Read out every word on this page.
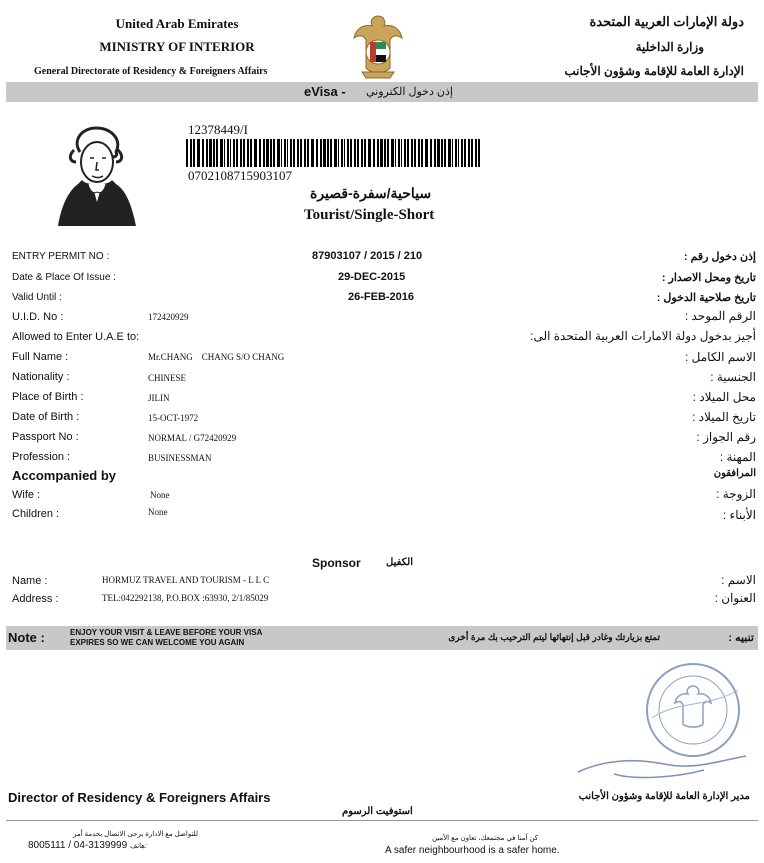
United Arab Emirates
MINISTRY OF INTERIOR
General Directorate of Residency & Foreigners Affairs
دولة الإمارات العربية المتحدة
وزارة الداخلية
الإدارة العامة للإقامة وشؤون الأجانب
eVisa - إذن دخول الكتروني
12378449/I
0702108715903107
سياحية/سفرة-قصيرة
Tourist/Single-Short
ENTRY PERMIT NO :	87903107 / 2015 / 210	إذن دخول رقم :
Date & Place Of Issue :	29-DEC-2015	تاريخ ومحل الاصدار :
Valid Until :	26-FEB-2016	تاريخ صلاحية الدخول :
U.I.D. No :	172420929	الرقم الموحد :
Allowed to Enter U.A.E to:	أجيز بدخول دولة الامارات العربية المتحدة الى:
Full Name :	Mr.CHANG    CHANG S/O CHANG	الاسم الكامل :
Nationality :	CHINESE	الجنسية :
Place of Birth :	JILIN	محل الميلاد :
Date of Birth :	15-OCT-1972	تاريخ الميلاد :
Passport No :	NORMAL / G72420929	رقم الجواز :
Profession :	BUSINESSMAN	المهنة :
Accompanied by	المرافقون
Wife :	None	الزوجة :
Children :	None	الأبناء :
Sponsor	الكفيل
Name :	HORMUZ TRAVEL AND TOURISM - L L C	الاسم :
Address :	TEL:042292138, P.O.BOX :63930, 2/1/85029	العنوان :
Note :	ENJOY YOUR VISIT & LEAVE BEFORE YOUR VISA
EXPIRES SO WE CAN WELCOME YOU AGAIN
تمتع بزيارتك وغادر قبل إنتهائها ليتم الترحيب بك مرة أخرى	تنبيه :
Director of Residency & Foreigners Affairs	مدير الإدارة العامة للإقامة وشؤون الأجانب
استوفيت الرسوم
للتواصل مع الادارة يرجى الاتصال بخدمة أمر
8005111 / 04-3139999 هاتف:
كن آمنا في مجتمعك، تعاون مع الأمين
A safer neighbourhood is a safer home.
